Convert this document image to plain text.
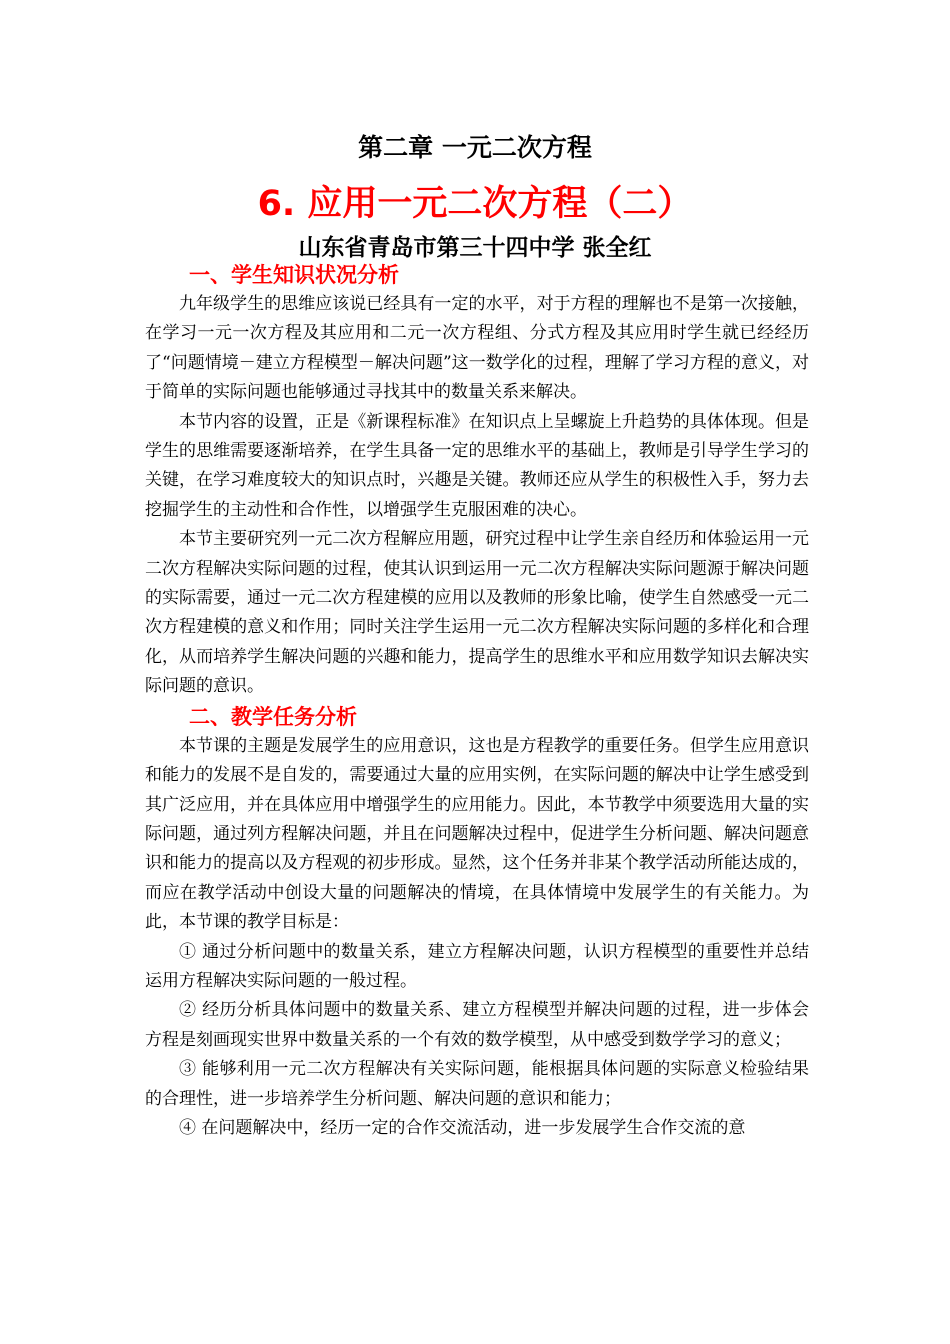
第二章 一元二次方程
6. 应用一元二次方程（二）
山东省青岛市第三十四中学 张全红
一、学生知识状况分析

九年级学生的思维应该说已经具有一定的水平，对于方程的理解也不是第一次接触，在学习一元一次方程及其应用和二元一次方程组、分式方程及其应用时学生就已经经历了“问题情境－建立方程模型－解决问题”这一数学化的过程，理解了学习方程的意义，对于简单的实际问题也能够通过寻找其中的数量关系来解决。

本节内容的设置，正是《新课程标准》在知识点上呈螺旋上升趋势的具体体现。但是学生的思维需要逐渐培养，在学生具备一定的思维水平的基础上，教师是引导学生学习的关键，在学习难度较大的知识点时，兴趣是关键。教师还应从学生的积极性入手，努力去挖掘学生的主动性和合作性，以增强学生克服困难的决心。

本节主要研究列一元二次方程解应用题，研究过程中让学生亲自经历和体验运用一元二次方程解决实际问题的过程，使其认识到运用一元二次方程解决实际问题源于解决问题的实际需要，通过一元二次方程建模的应用以及教师的形象比喻，使学生自然感受一元二次方程建模的意义和作用；同时关注学生运用一元二次方程解决实际问题的多样化和合理化，从而培养学生解决问题的兴趣和能力，提高学生的思维水平和应用数学知识去解决实际问题的意识。

二、教学任务分析

本节课的主题是发展学生的应用意识，这也是方程教学的重要任务。但学生应用意识和能力的发展不是自发的，需要通过大量的应用实例，在实际问题的解决中让学生感受到其广泛应用，并在具体应用中增强学生的应用能力。因此，本节教学中须要选用大量的实际问题，通过列方程解决问题，并且在问题解决过程中，促进学生分析问题、解决问题意识和能力的提高以及方程观的初步形成。显然，这个任务并非某个教学活动所能达成的，而应在教学活动中创设大量的问题解决的情境，在具体情境中发展学生的有关能力。为此，本节课的教学目标是：

① 通过分析问题中的数量关系，建立方程解决问题，认识方程模型的重要性并总结运用方程解决实际问题的一般过程。

② 经历分析具体问题中的数量关系、建立方程模型并解决问题的过程，进一步体会方程是刻画现实世界中数量关系的一个有效的数学模型，从中感受到数学学习的意义；

③ 能够利用一元二次方程解决有关实际问题，能根据具体问题的实际意义检验结果的合理性，进一步培养学生分析问题、解决问题的意识和能力；

④ 在问题解决中，经历一定的合作交流活动，进一步发展学生合作交流的意
